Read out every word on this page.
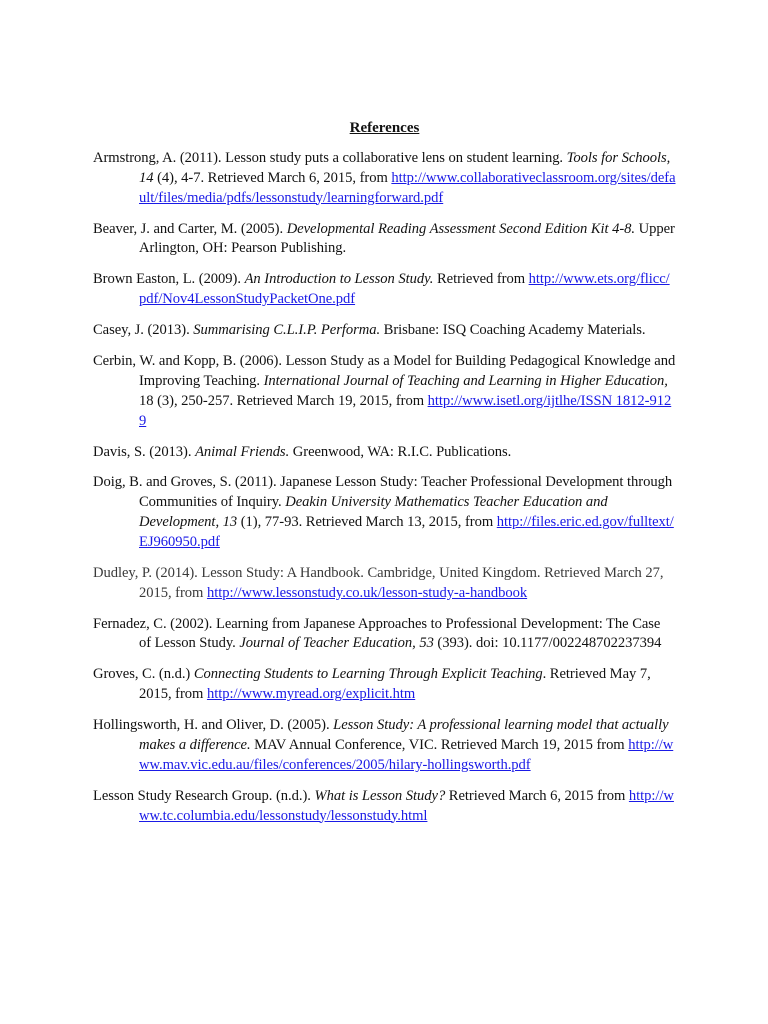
References

Armstrong, A. (2011). Lesson study puts a collaborative lens on student learning. Tools for Schools, 14 (4), 4-7. Retrieved March 6, 2015, from http://www.collaborativeclassroom.org/sites/default/files/media/pdfs/lessonstudy/learningforward.pdf

Beaver, J. and Carter, M. (2005). Developmental Reading Assessment Second Edition Kit 4-8. Upper Arlington, OH: Pearson Publishing.

Brown Easton, L. (2009). An Introduction to Lesson Study. Retrieved from http://www.ets.org/flicc/pdf/Nov4LessonStudyPacketOne.pdf

Casey, J. (2013). Summarising C.L.I.P. Performa. Brisbane: ISQ Coaching Academy Materials.

Cerbin, W. and Kopp, B. (2006). Lesson Study as a Model for Building Pedagogical Knowledge and Improving Teaching. International Journal of Teaching and Learning in Higher Education, 18 (3), 250-257. Retrieved March 19, 2015, from http://www.isetl.org/ijtlhe/ISSN 1812-9129

Davis, S. (2013). Animal Friends. Greenwood, WA: R.I.C. Publications.

Doig, B. and Groves, S. (2011). Japanese Lesson Study: Teacher Professional Development through Communities of Inquiry. Deakin University Mathematics Teacher Education and Development, 13 (1), 77-93. Retrieved March 13, 2015, from http://files.eric.ed.gov/fulltext/EJ960950.pdf

Dudley, P. (2014). Lesson Study: A Handbook. Cambridge, United Kingdom. Retrieved March 27, 2015, from http://www.lessonstudy.co.uk/lesson-study-a-handbook

Fernadez, C. (2002). Learning from Japanese Approaches to Professional Development: The Case of Lesson Study. Journal of Teacher Education, 53 (393). doi: 10.1177/002248702237394

Groves, C. (n.d.) Connecting Students to Learning Through Explicit Teaching. Retrieved May 7, 2015, from http://www.myread.org/explicit.htm

Hollingsworth, H. and Oliver, D. (2005). Lesson Study: A professional learning model that actually makes a difference. MAV Annual Conference, VIC. Retrieved March 19, 2015 from http://www.mav.vic.edu.au/files/conferences/2005/hilary-hollingsworth.pdf

Lesson Study Research Group. (n.d.). What is Lesson Study? Retrieved March 6, 2015 from http://www.tc.columbia.edu/lessonstudy/lessonstudy.html
